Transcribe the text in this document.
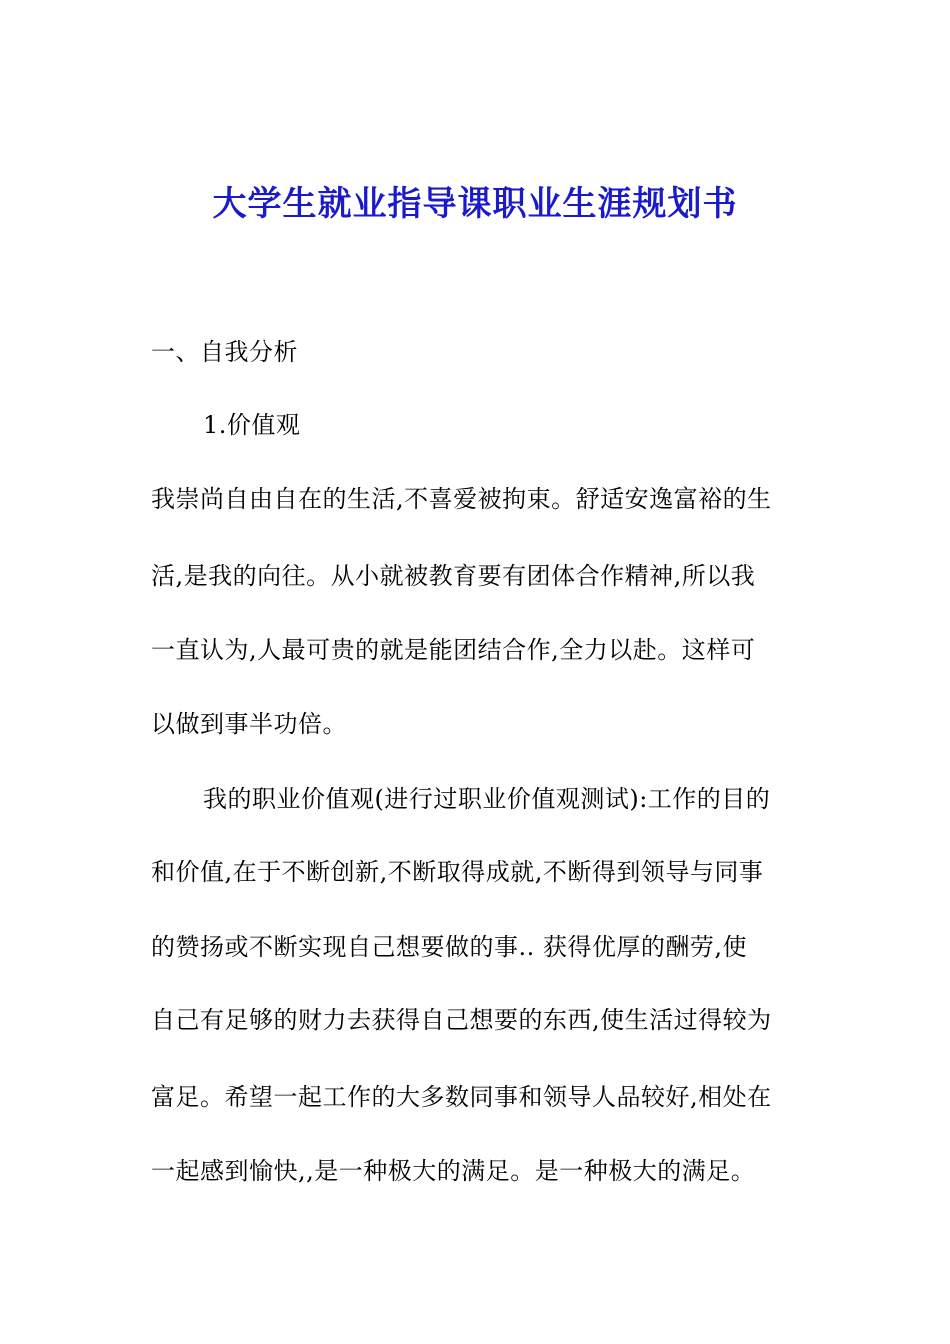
大学生就业指导课职业生涯规划书

一、自我分析

1.价值观

我崇尚自由自在的生活,不喜爱被拘束。舒适安逸富裕的生

活,是我的向往。从小就被教育要有团体合作精神,所以我

一直认为,人最可贵的就是能团结合作,全力以赴。这样可

以做到事半功倍。

我的职业价值观(进行过职业价值观测试):工作的目的

和价值,在于不断创新,不断取得成就,不断得到领导与同事

的赞扬或不断实现自己想要做的事.. 获得优厚的酬劳,使

自己有足够的财力去获得自己想要的东西,使生活过得较为

富足。希望一起工作的大多数同事和领导人品较好,相处在

一起感到愉快,,是一种极大的满足。是一种极大的满足。
